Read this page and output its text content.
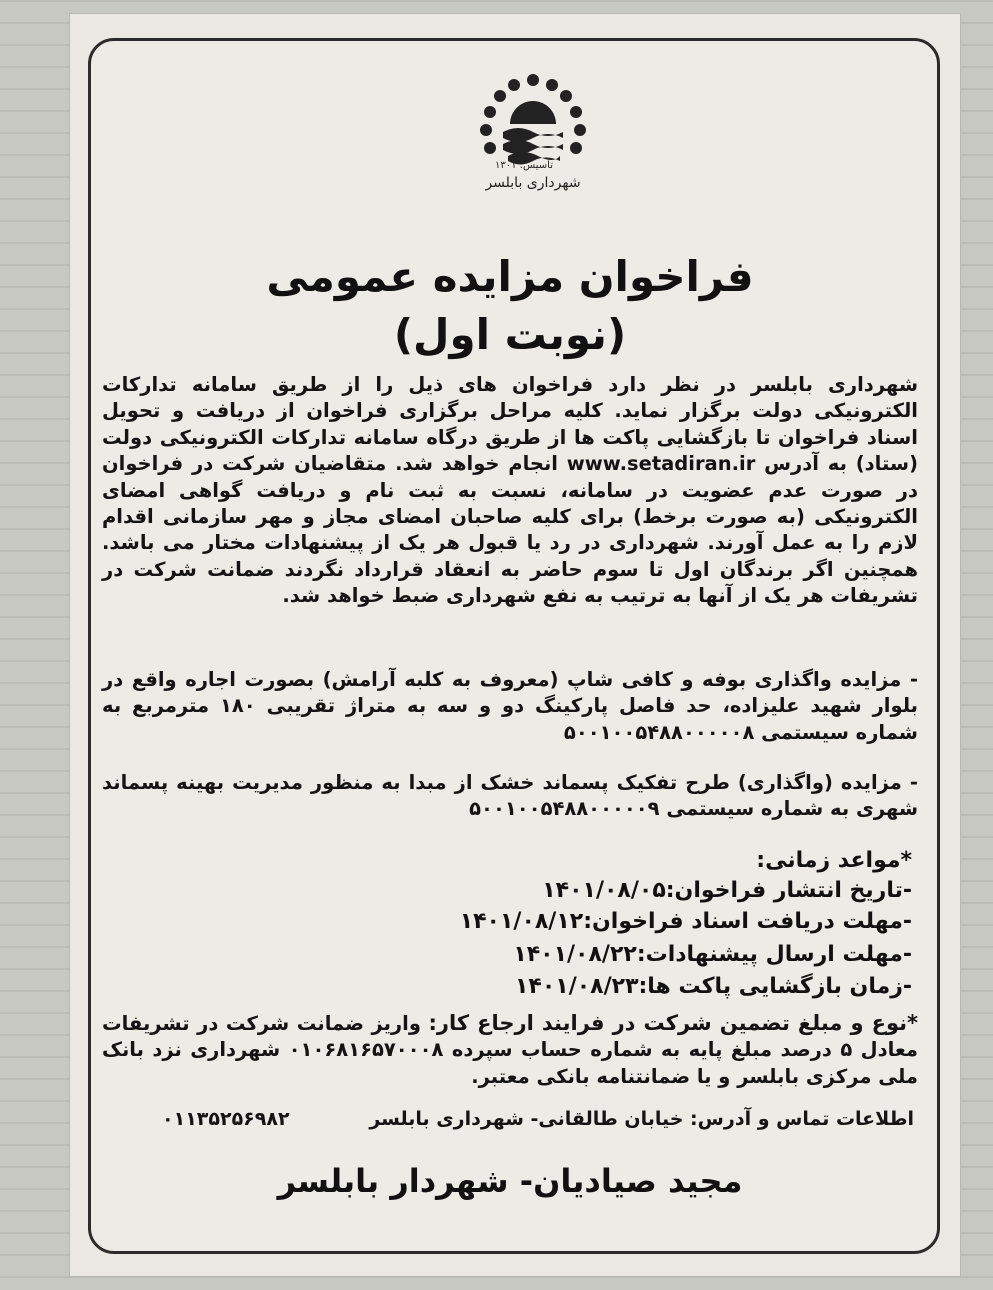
تاسیس: ۱۳۰۱
شهرداری بابلسر
فراخوان مزایده عمومی
(نوبت اول)
شهرداری بابلسر در نظر دارد فراخوان های ذیل را از طریق سامانه تدارکات الکترونیکی دولت برگزار نماید. کلیه مراحل برگزاری فراخوان از دریافت و تحویل اسناد فراخوان تا بازگشایی پاکت ها از طریق درگاه سامانه تدارکات الکترونیکی دولت (ستاد) به آدرس www.setadiran.ir انجام خواهد شد. متقاضیان شرکت در فراخوان در صورت عدم عضویت در سامانه، نسبت به ثبت نام و دریافت گواهی امضای الکترونیکی (به صورت برخط) برای کلیه صاحبان امضای مجاز و مهر سازمانی اقدام لازم را به عمل آورند. شهرداری در رد یا قبول هر یک از پیشنهادات مختار می باشد. همچنین اگر برندگان اول تا سوم حاضر به انعقاد قرارداد نگردند ضمانت شرکت در تشریفات هر یک از آنها به ترتیب به نفع شهرداری ضبط خواهد شد.
- مزایده واگذاری بوفه و کافی شاپ (معروف به کلبه آرامش) بصورت اجاره واقع در بلوار شهید علیزاده، حد فاصل پارکینگ دو و سه به متراژ تقریبی ۱۸۰ مترمربع به شماره سیستمی ۵۰۰۱۰۰۵۴۸۸۰۰۰۰۰۸
- مزایده (واگذاری) طرح تفکیک پسماند خشک از مبدا به منظور مدیریت بهینه پسماند شهری به شماره سیستمی ۵۰۰۱۰۰۵۴۸۸۰۰۰۰۰۹
*مواعد زمانی:
-تاریخ انتشار فراخوان:۱۴۰۱/۰۸/۰۵
-مهلت دریافت اسناد فراخوان:۱۴۰۱/۰۸/۱۲
-مهلت ارسال پیشنهادات:۱۴۰۱/۰۸/۲۲
-زمان بازگشایی پاکت ها:۱۴۰۱/۰۸/۲۳
*نوع و مبلغ تضمین شرکت در فرایند ارجاع کار: واریز ضمانت شرکت در تشریفات معادل ۵ درصد مبلغ پایه به شماره حساب سپرده ۰۱۰۶۸۱۶۵۷۰۰۰۸ شهرداری نزد بانک ملی مرکزی بابلسر و یا ضمانتنامه بانکی معتبر.
اطلاعات تماس و آدرس: خیابان طالقانی- شهرداری بابلسر
۰۱۱۳۵۲۵۶۹۸۲
مجید صیادیان- شهردار بابلسر
